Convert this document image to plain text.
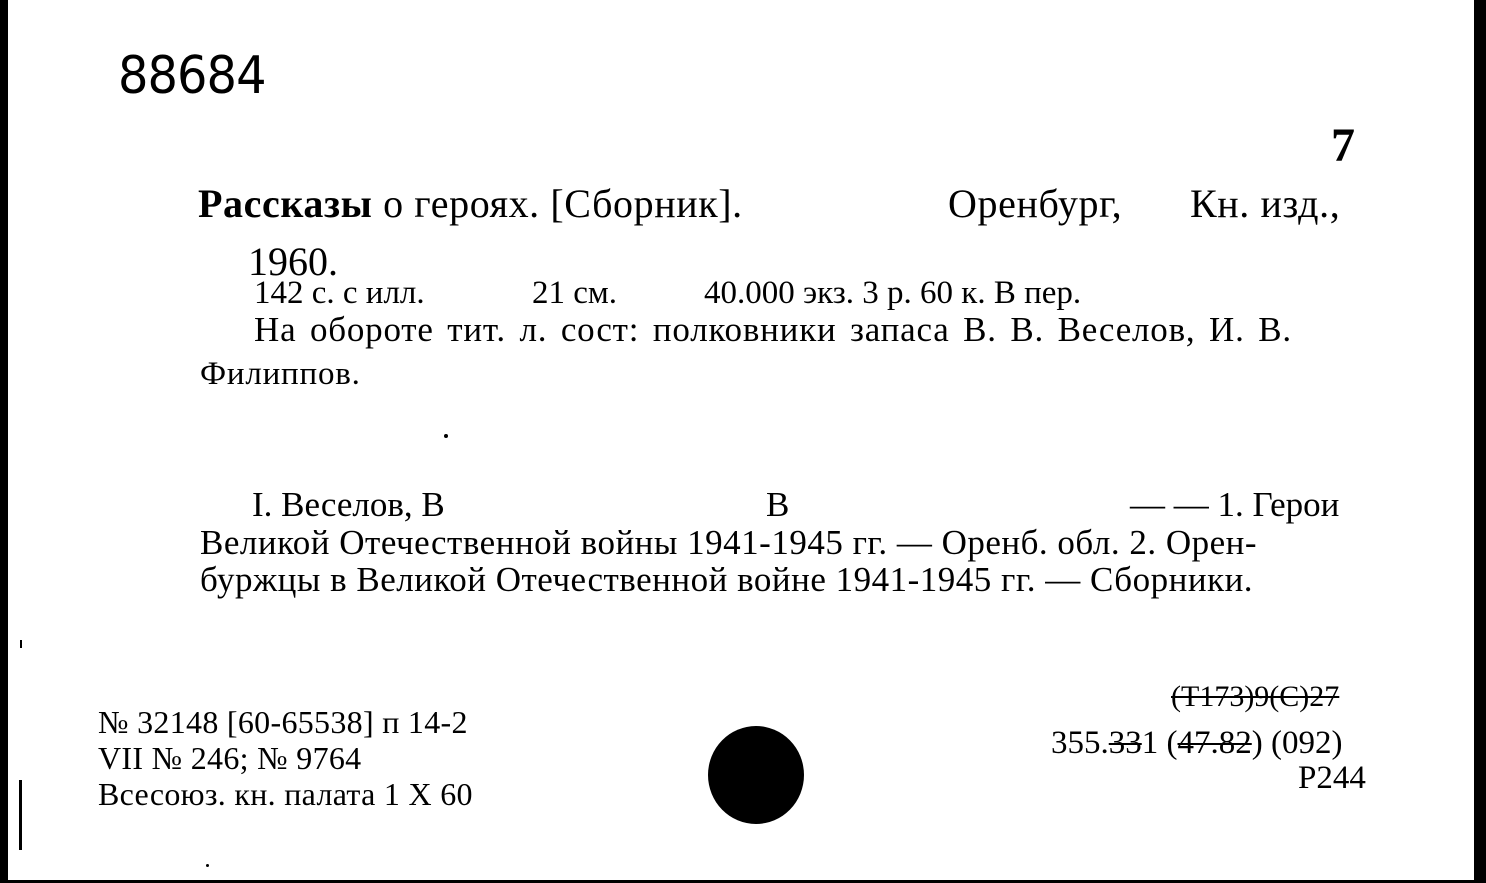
88684
7
Рассказы о героях. [Сборник].	Оренбург, Кн. изд.,
1960.
142 с. с илл.	21 см.	40.000 экз. 3 р. 60 к. В пер.
На обороте тит. л. сост: полковники запаса В. В. Веселов, И. В.
Филиппов.
I. Веселов, В	В	— — 1. Герои
Великой Отечественной войны 1941-1945 гг. — Оренб. обл. 2. Орен-
буржцы в Великой Отечественной войне 1941-1945 гг. — Сборники.
№ 32148 [60-65538] п 14-2
VII № 246; № 9764
Всесоюз. кн. палата 1 X 60
(Т173)9(С)27
355.331 (47.82) (092)
Р244
